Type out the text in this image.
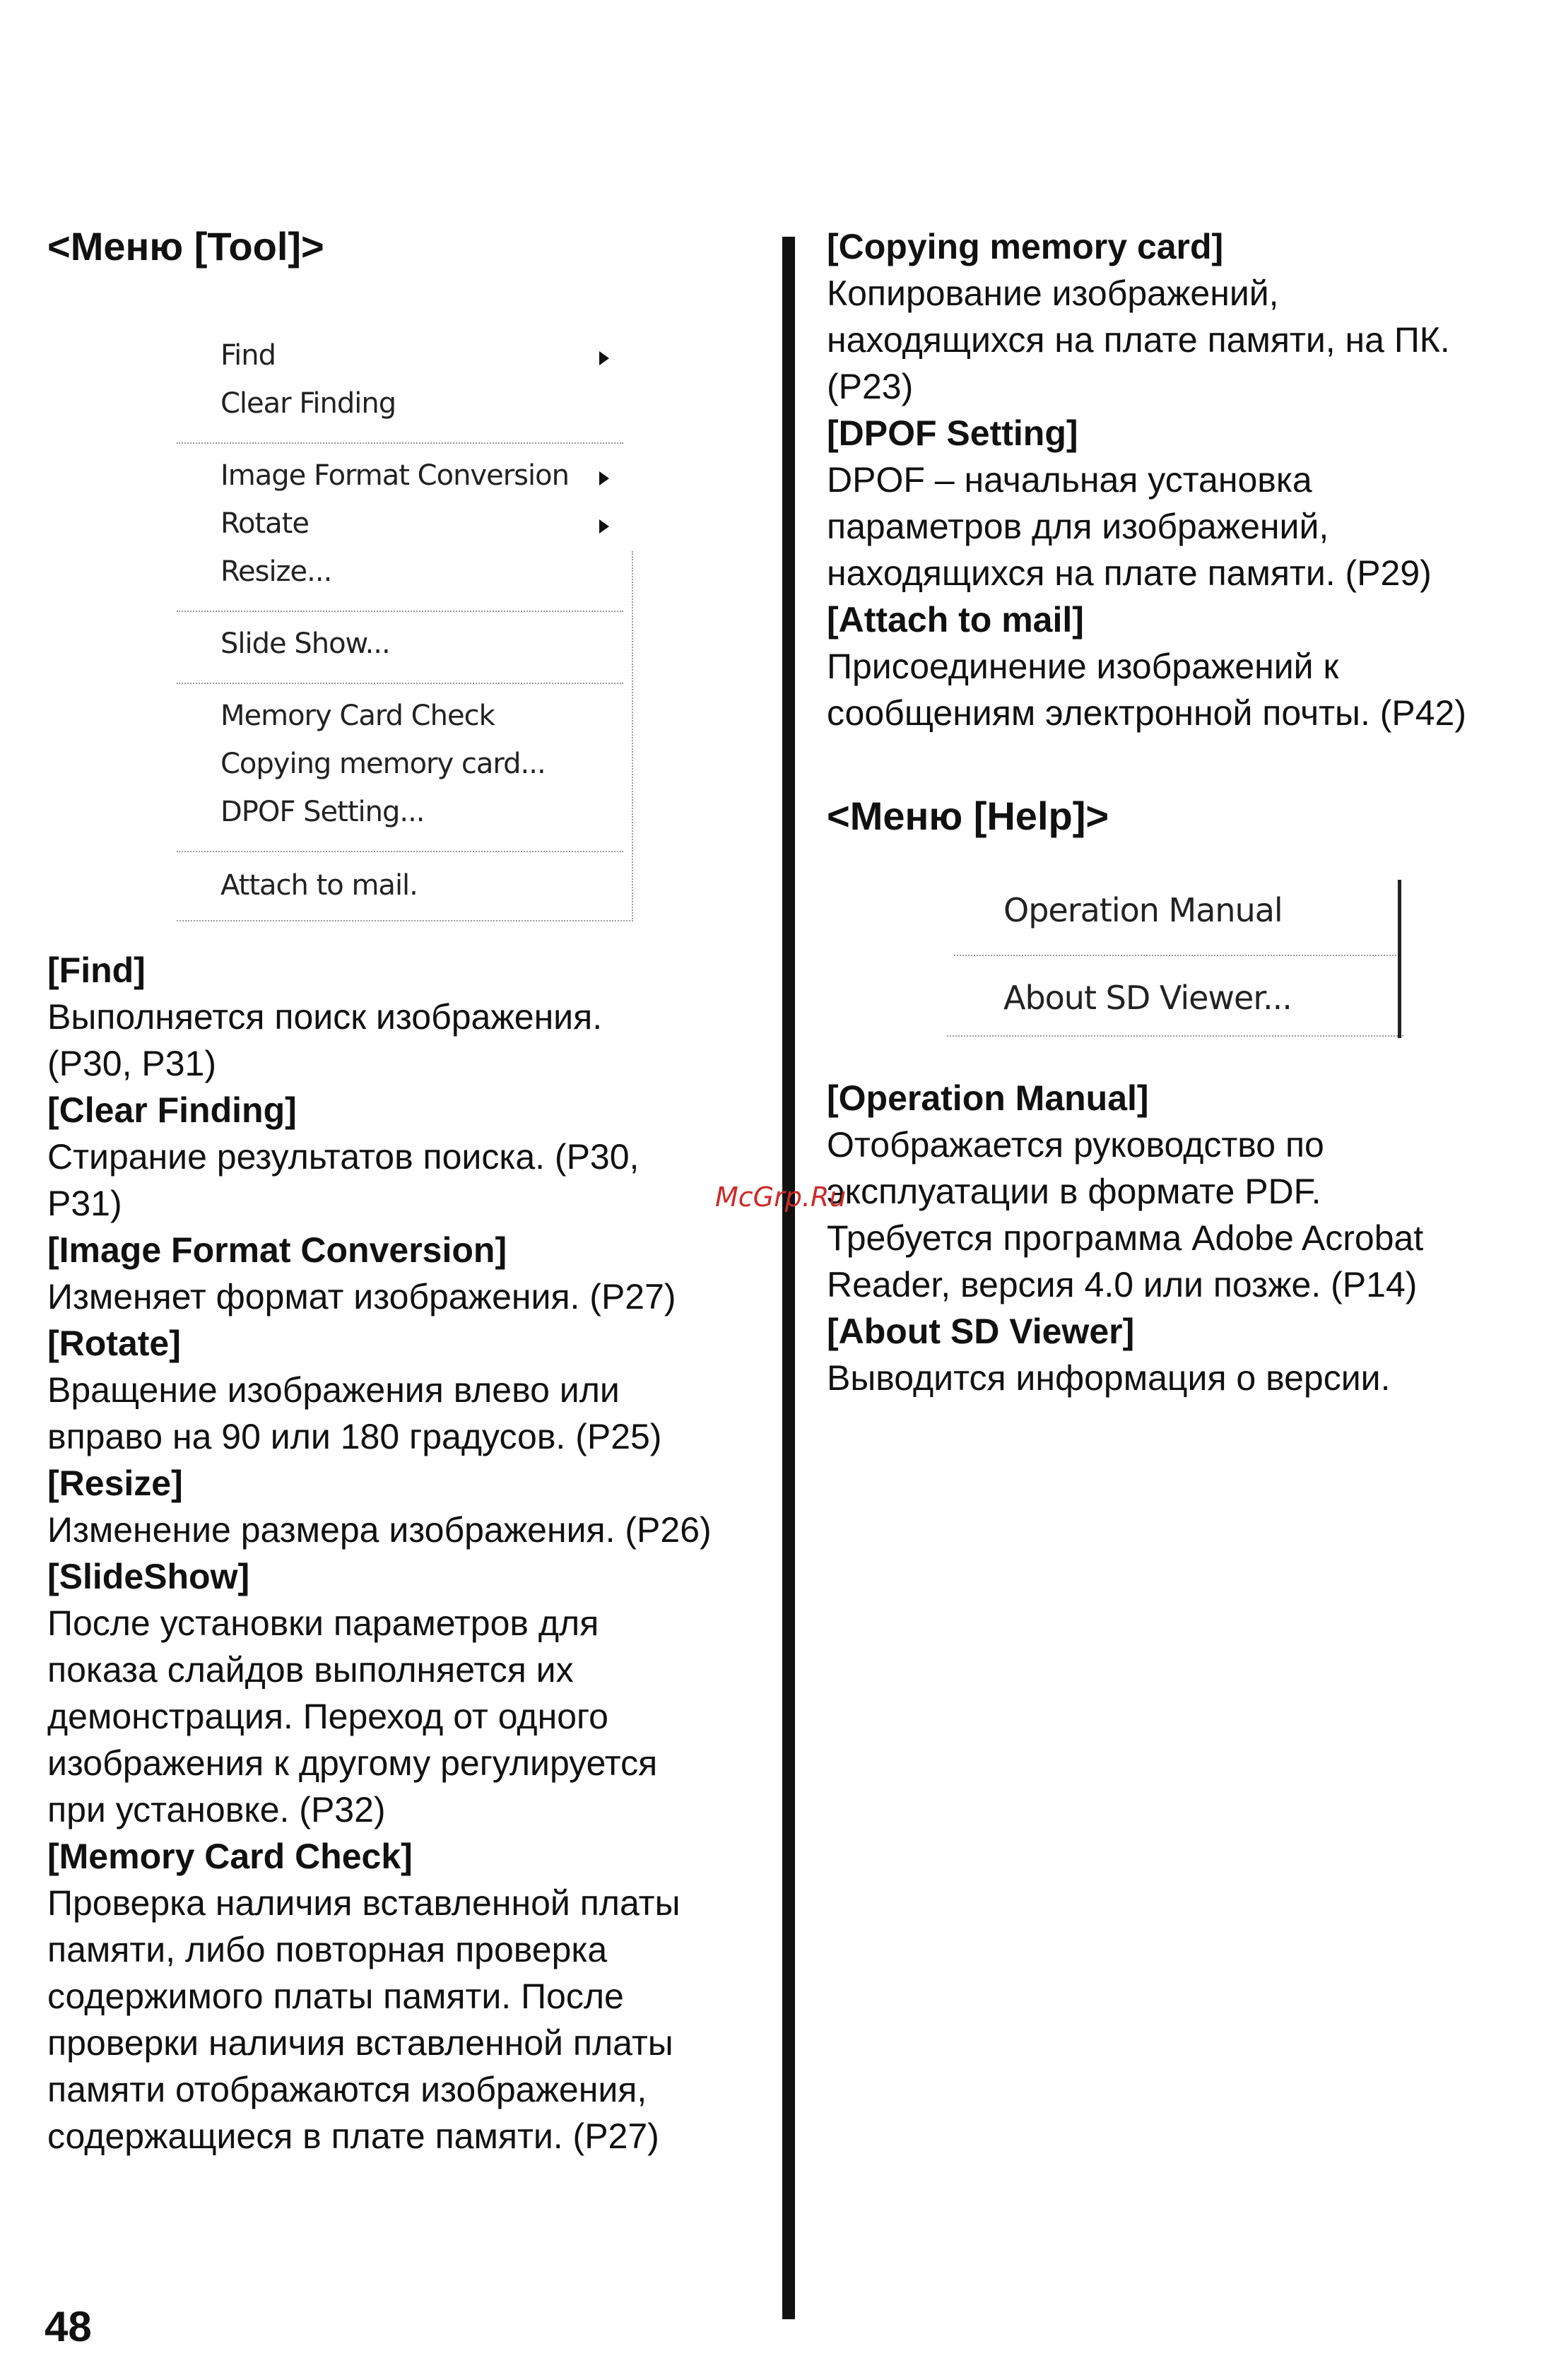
<Меню [Tool]>
Find
Clear Finding
Image Format Conversion
Rotate
Resize...
Slide Show...
Memory Card Check
Copying memory card...
DPOF Setting...
Attach to mail.
[Find]
Выполняется поиск изображения.
(P30, P31)
[Clear Finding]
Стирание результатов поиска. (P30,
P31)
[Image Format Conversion]
Изменяет формат изображения. (P27)
[Rotate]
Вращение изображения влево или
вправо на 90 или 180 градусов. (P25)
[Resize]
Изменение размера изображения. (P26)
[SlideShow]
После установки параметров для
показа слайдов выполняется их
демонстрация. Переход от одного
изображения к другому регулируется
при установке. (P32)
[Memory Card Check]
Проверка наличия вставленной платы
памяти, либо повторная проверка
содержимого платы памяти. После
проверки наличия вставленной платы
памяти отображаются изображения,
содержащиеся в плате памяти. (P27)
[Copying memory card]
Копирование изображений,
находящихся на плате памяти, на ПК.
(P23)
[DPOF Setting]
DPOF – начальная установка
параметров для изображений,
находящихся на плате памяти. (P29)
[Attach to mail]
Присоединение изображений к
сообщениям электронной почты. (P42)
<Меню [Help]>
Operation Manual
About SD Viewer...
[Operation Manual]
Отображается руководство по
эксплуатации в формате PDF.
Требуется программа Adobe Acrobat
Reader, версия 4.0 или позже. (P14)
[About SD Viewer]
Выводится информация о версии.
McGrp.Ru
48
